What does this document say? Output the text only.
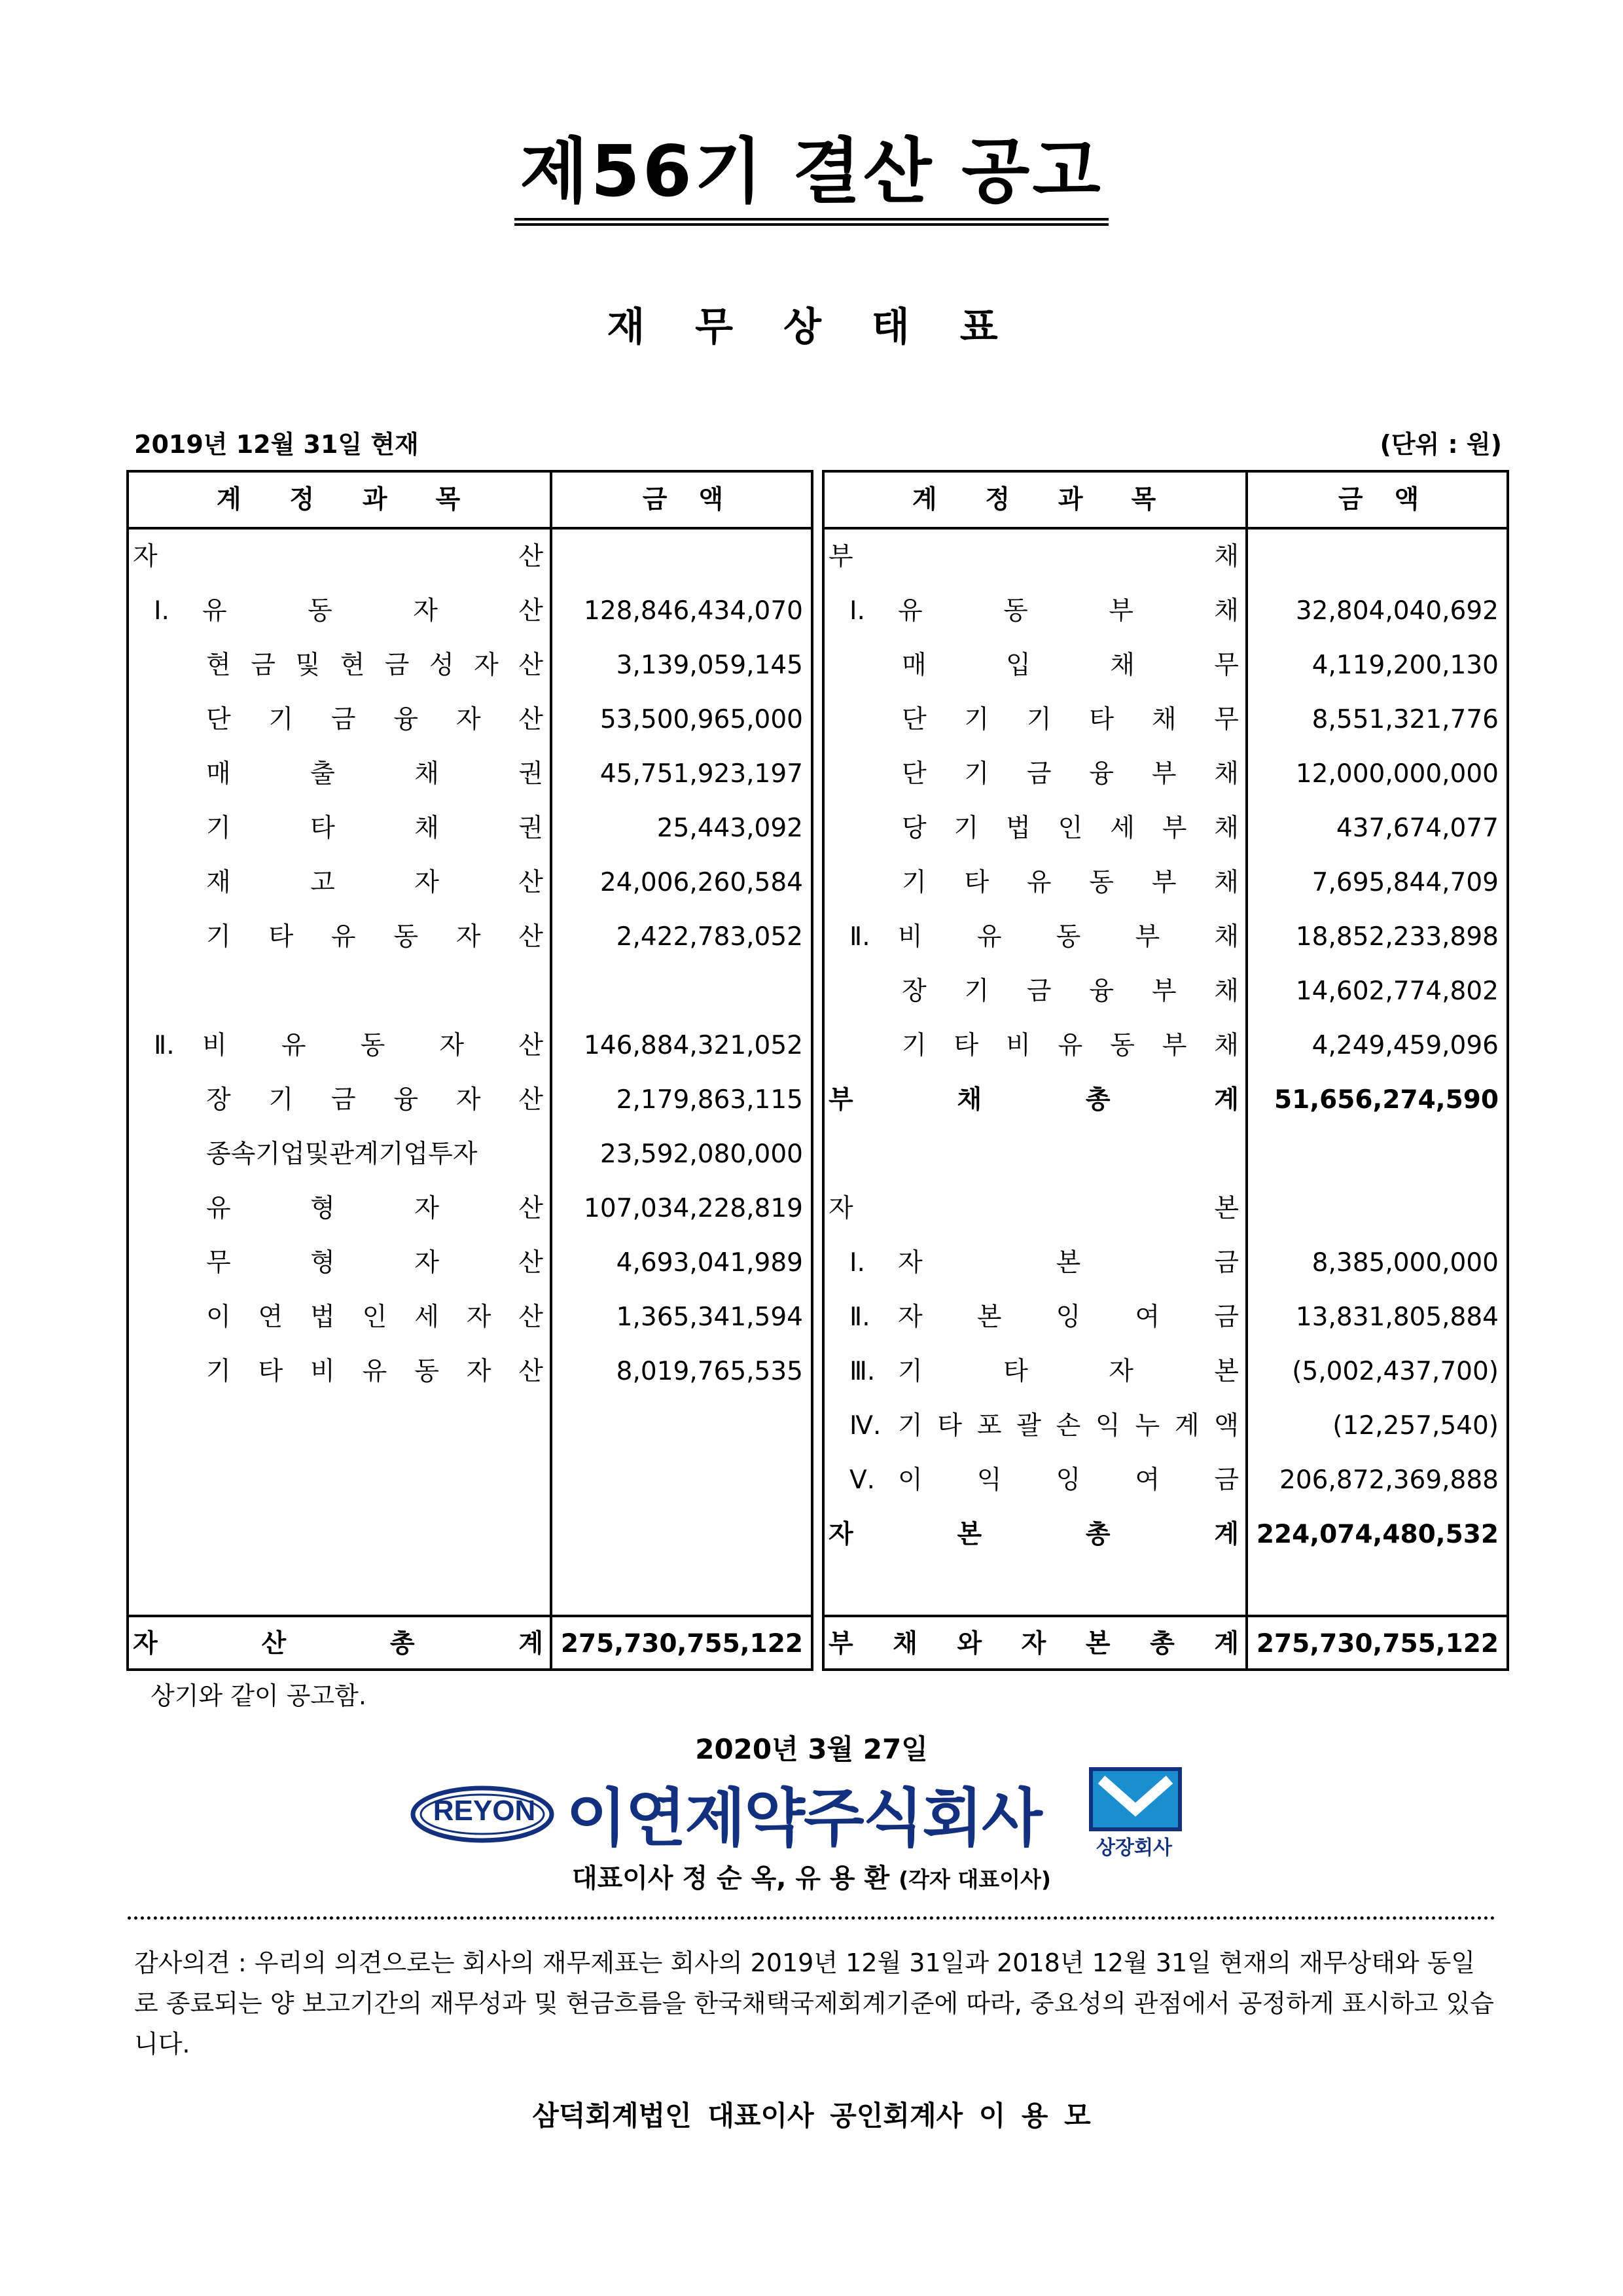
제56기 결산 공고
재 무 상 태 표
2019년 12월 31일 현재	(단위 : 원)
계 정 과 목	금 액
자	산
Ⅰ.	유	동	자	산	128,846,434,070
현 금 및 현 금 성 자 산	3,139,059,145
단 기 금 융 자 산	53,500,965,000
매	출	채	권	45,751,923,197
기	타	채	권	25,443,092
재	고	자	산	24,006,260,584
기 타 유 동 자 산	2,422,783,052
Ⅱ.	비 유 동 자 산	146,884,321,052
장 기 금 융 자 산	2,179,863,115
종속기업및관계기업투자	23,592,080,000
유	형	자	산	107,034,228,819
무	형	자	산	4,693,041,989
이 연 법 인 세 자 산	1,365,341,594
기 타 비 유 동 자 산	8,019,765,535
자	산	총	계 275,730,755,122
계 정 과 목	금 액
부	채
Ⅰ.	유	동	부	채	32,804,040,692
매	입	채	무	4,119,200,130
단 기 기 타 채 무	8,551,321,776
단 기 금 융 부 채	12,000,000,000
당 기 법 인 세 부 채	437,674,077
기 타 유 동 부 채	7,695,844,709
Ⅱ.	비 유 동 부 채	18,852,233,898
장 기 금 융 부 채	14,602,774,802
기 타 비 유 동 부 채	4,249,459,096
부	채	총	계	51,656,274,590
자	본
Ⅰ.	자	본	금	8,385,000,000
Ⅱ.	자 본 잉 여 금	13,831,805,884
Ⅲ. 기	타	자	본	(5,002,437,700)
Ⅳ. 기 타 포 괄 손 익 누 계 액	(12,257,540)
Ⅴ. 이 익 잉 여 금	206,872,369,888
자	본	총	계 224,074,480,532
부 채 와 자 본 총 계 275,730,755,122
상기와 같이 공고함.
2020년 3월 27일
REYON 이연제약주식회사	상장회사
대표이사 정 순 옥, 유 용 환 (각자 대표이사)
감사의견 : 우리의 의견으로는 회사의 재무제표는 회사의 2019년 12월 31일과 2018년 12월 31일 현재의 재무상태와 동일로 종료되는 양 보고기간의 재무성과 및 현금흐름을 한국채택국제회계기준에 따라, 중요성의 관점에서 공정하게 표시하고 있습니다.
삼덕회계법인 대표이사 공인회계사 이 용 모
